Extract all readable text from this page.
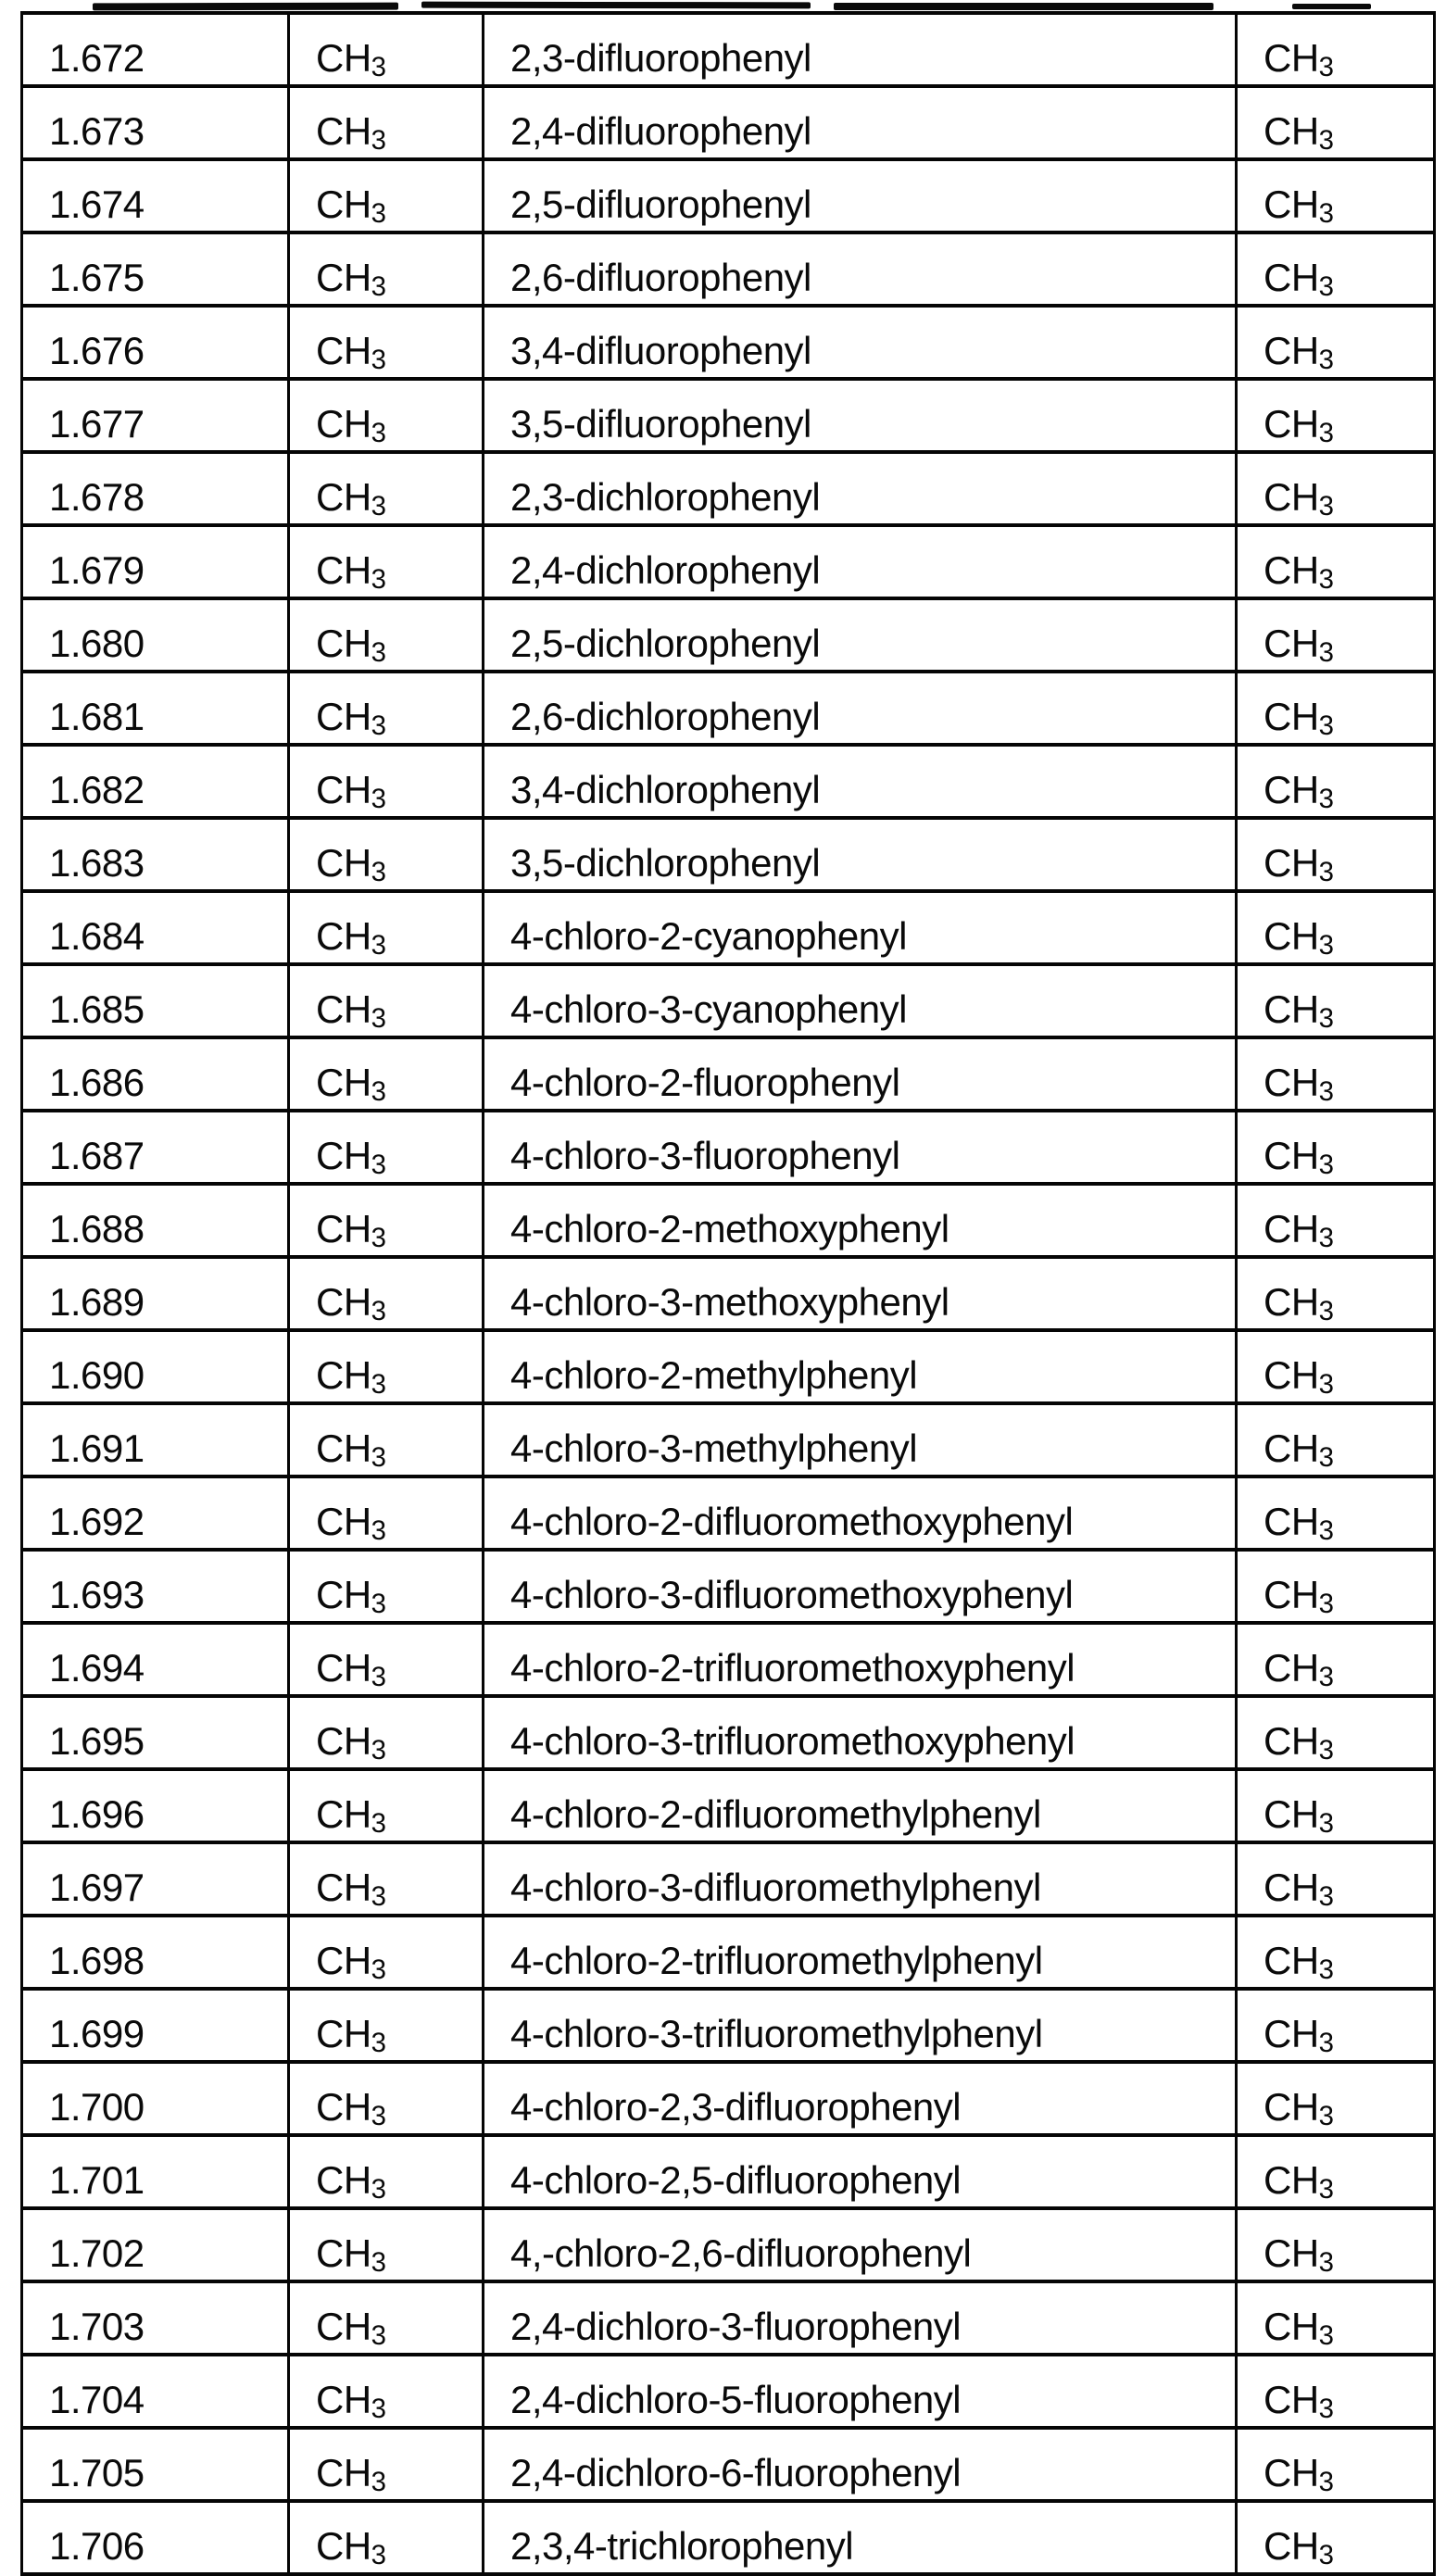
1.672	$CH_3$	2,3-difluorophenyl	$CH_3$
1.673	$CH_3$	2,4-difluorophenyl	$CH_3$
1.674	$CH_3$	2,5-difluorophenyl	$CH_3$
1.675	$CH_3$	2,6-difluorophenyl	$CH_3$
1.676	$CH_3$	3,4-difluorophenyl	$CH_3$
1.677	$CH_3$	3,5-difluorophenyl	$CH_3$
1.678	$CH_3$	2,3-dichlorophenyl	$CH_3$
1.679	$CH_3$	2,4-dichlorophenyl	$CH_3$
1.680	$CH_3$	2,5-dichlorophenyl	$CH_3$
1.681	$CH_3$	2,6-dichlorophenyl	$CH_3$
1.682	$CH_3$	3,4-dichlorophenyl	$CH_3$
1.683	$CH_3$	3,5-dichlorophenyl	$CH_3$
1.684	$CH_3$	4-chloro-2-cyanophenyl	$CH_3$
1.685	$CH_3$	4-chloro-3-cyanophenyl	$CH_3$
1.686	$CH_3$	4-chloro-2-fluorophenyl	$CH_3$
1.687	$CH_3$	4-chloro-3-fluorophenyl	$CH_3$
1.688	$CH_3$	4-chloro-2-methoxyphenyl	$CH_3$
1.689	$CH_3$	4-chloro-3-methoxyphenyl	$CH_3$
1.690	$CH_3$	4-chloro-2-methylphenyl	$CH_3$
1.691	$CH_3$	4-chloro-3-methylphenyl	$CH_3$
1.692	$CH_3$	4-chloro-2-difluoromethoxyphenyl	$CH_3$
1.693	$CH_3$	4-chloro-3-difluoromethoxyphenyl	$CH_3$
1.694	$CH_3$	4-chloro-2-trifluoromethoxyphenyl	$CH_3$
1.695	$CH_3$	4-chloro-3-trifluoromethoxyphenyl	$CH_3$
1.696	$CH_3$	4-chloro-2-difluoromethylphenyl	$CH_3$
1.697	$CH_3$	4-chloro-3-difluoromethylphenyl	$CH_3$
1.698	$CH_3$	4-chloro-2-trifluoromethylphenyl	$CH_3$
1.699	$CH_3$	4-chloro-3-trifluoromethylphenyl	$CH_3$
1.700	$CH_3$	4-chloro-2,3-difluorophenyl	$CH_3$
1.701	$CH_3$	4-chloro-2,5-difluorophenyl	$CH_3$
1.702	$CH_3$	4,-chloro-2,6-difluorophenyl	$CH_3$
1.703	$CH_3$	2,4-dichloro-3-fluorophenyl	$CH_3$
1.704	$CH_3$	2,4-dichloro-5-fluorophenyl	$CH_3$
1.705	$CH_3$	2,4-dichloro-6-fluorophenyl	$CH_3$
1.706	$CH_3$	2,3,4-trichlorophenyl	$CH_3$
